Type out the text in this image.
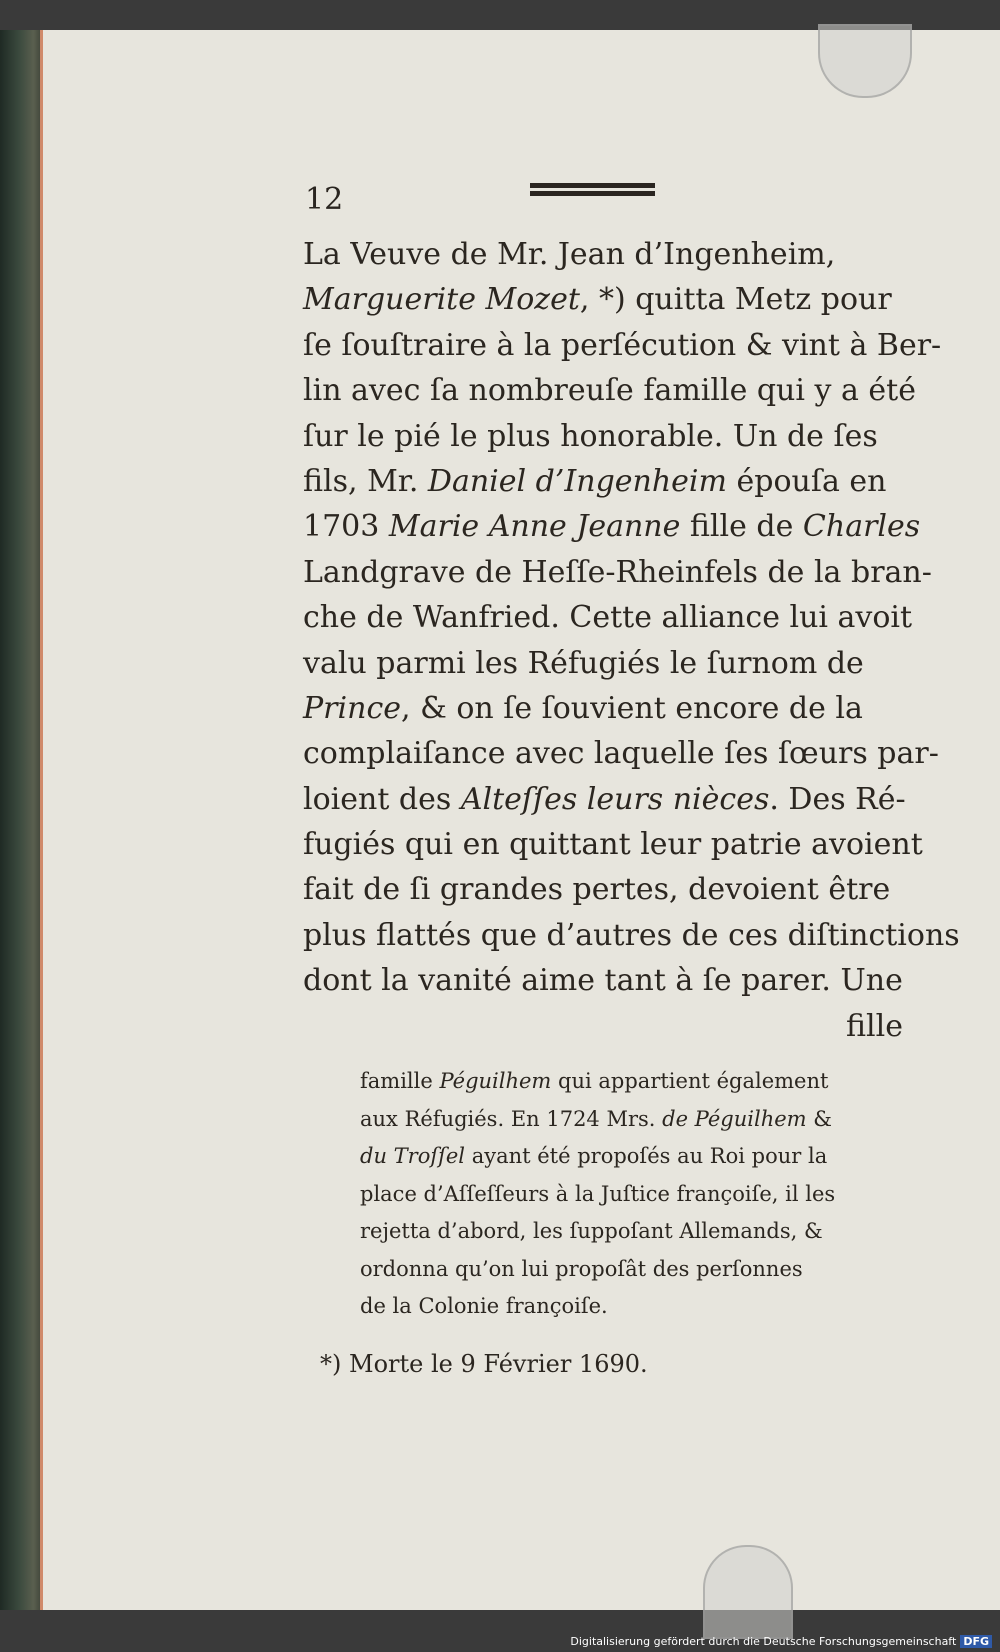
12
La Veuve de Mr. Jean d’Ingenheim,
Marguerite Mozet, *) quitta Metz pour
ſe ſouſtraire à la perſécution & vint à Ber-
lin avec ſa nombreuſe famille qui y a été
ſur le pié le plus honorable. Un de ſes
fils, Mr. Daniel d’Ingenheim épouſa en
1703 Marie Anne Jeanne fille de Charles
Landgrave de Heſſe-Rheinfels de la bran-
che de Wanfried. Cette alliance lui avoit
valu parmi les Réfugiés le ſurnom de
Prince, & on ſe ſouvient encore de la
complaiſance avec laquelle ſes ſœurs par-
loient des Alteſſes leurs nièces. Des Ré-
fugiés qui en quittant leur patrie avoient
fait de ſi grandes pertes, devoient être
plus flattés que d’autres de ces diſtinctions
dont la vanité aime tant à ſe parer. Une
fille
famille Péguilhem qui appartient également
aux Réfugiés. En 1724 Mrs. de Péguilhem &
du Troſſel ayant été propoſés au Roi pour la
place d’Aſſeſſeurs à la Juſtice françoiſe, il les
rejetta d’abord, les ſuppoſant Allemands, &
ordonna qu’on lui propoſât des perſonnes
de la Colonie françoiſe.
*) Morte le 9 Février 1690.
Digitalisierung gefördert durch die Deutsche Forschungsgemeinschaft DFG
